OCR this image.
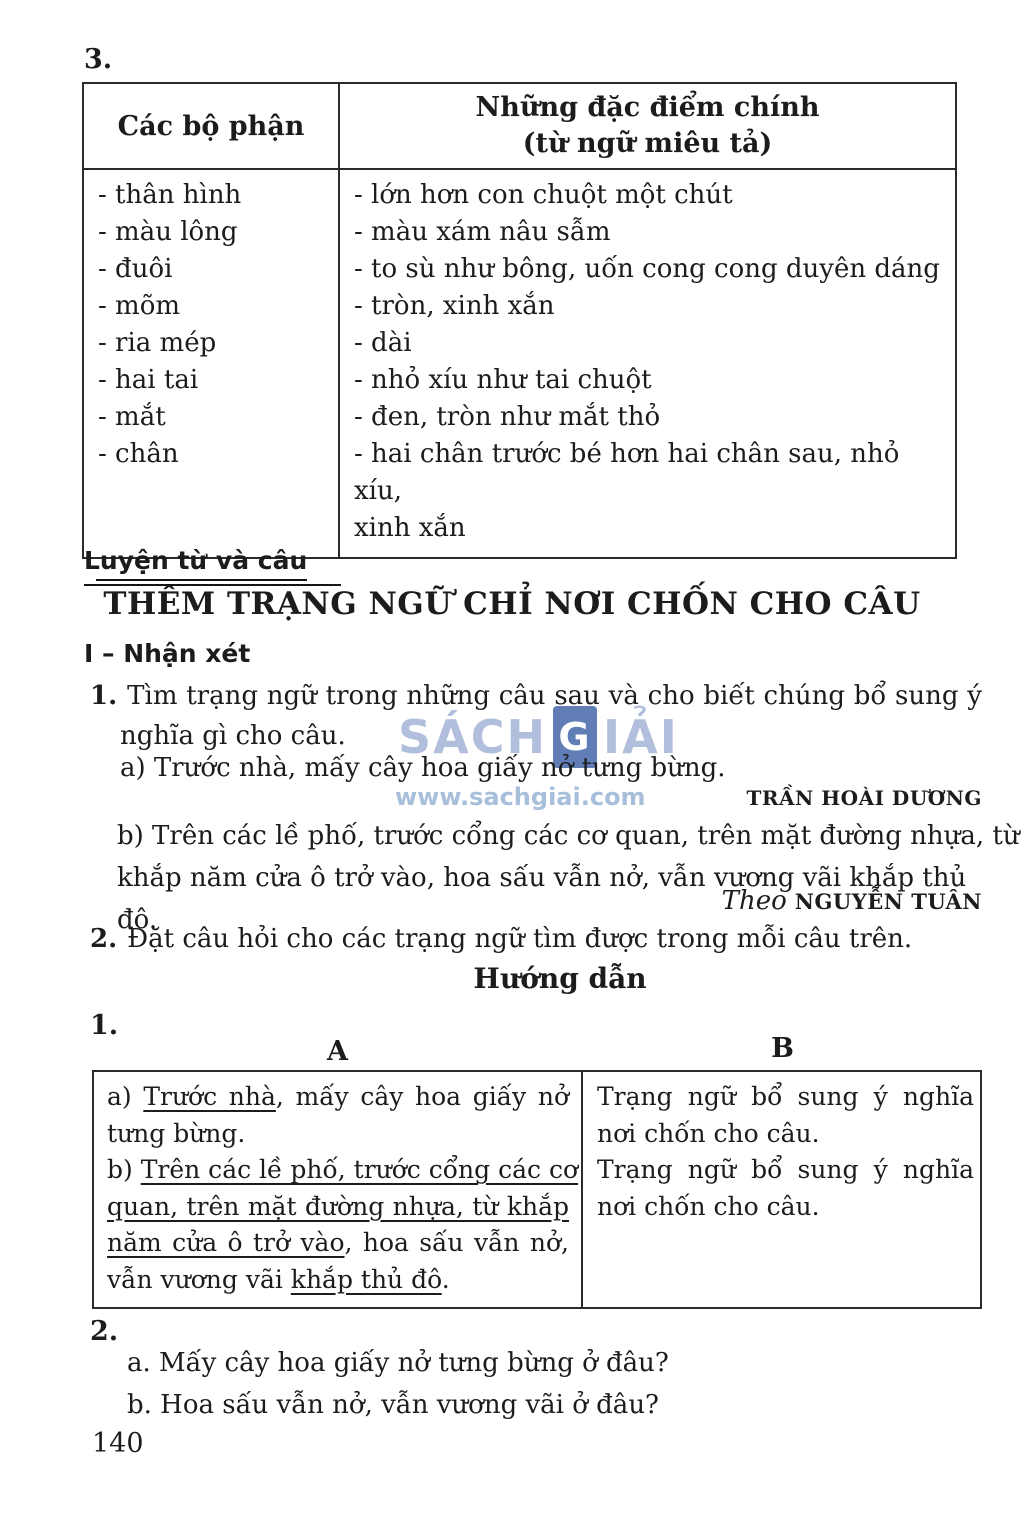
SÁCH G IẢI
www.sachgiai.com
3.
Các bộ phận	Những đặc điểm chính
(từ ngữ miêu tả)

- thân hình	- lớn hơn con chuột một chút
- màu lông	- màu xám nâu sẫm
- đuôi	- to sù như bông, uốn cong cong duyên dáng
- mõm	- tròn, xinh xắn
- ria mép	- dài
- hai tai	- nhỏ xíu như tai chuột
- mắt	- đen, tròn như mắt thỏ
- chân	- hai chân trước bé hơn hai chân sau, nhỏ xíu,
xinh xắn
Luyện từ và câu
THÊM TRẠNG NGỮ CHỈ NƠI CHỐN CHO CÂU
I – Nhận xét
1. Tìm trạng ngữ trong những câu sau và cho biết chúng bổ sung ý
nghĩa gì cho câu.
a) Trước nhà, mấy cây hoa giấy nở tưng bừng.
TRẦN HOÀI DƯƠNG
b) Trên các lề phố, trước cổng các cơ quan, trên mặt đường nhựa, từ
khắp năm cửa ô trở vào, hoa sấu vẫn nở, vẫn vương vãi khắp thủ đô.
Theo NGUYỄN TUÂN
2. Đặt câu hỏi cho các trạng ngữ tìm được trong mỗi câu trên.
Hướng dẫn
1.
A	B
a) Trước nhà, mấy cây hoa giấy nở
tưng bừng.
Trạng ngữ bổ sung ý nghĩa
nơi chốn cho câu.
b) Trên các lề phố, trước cổng các cơ
quan, trên mặt đường nhựa, từ khắp
năm cửa ô trở vào, hoa sấu vẫn nở,
vẫn vương vãi khắp thủ đô.
Trạng ngữ bổ sung ý nghĩa
nơi chốn cho câu.
2.
a. Mấy cây hoa giấy nở tưng bừng ở đâu?
b. Hoa sấu vẫn nở, vẫn vương vãi ở đâu?
140
